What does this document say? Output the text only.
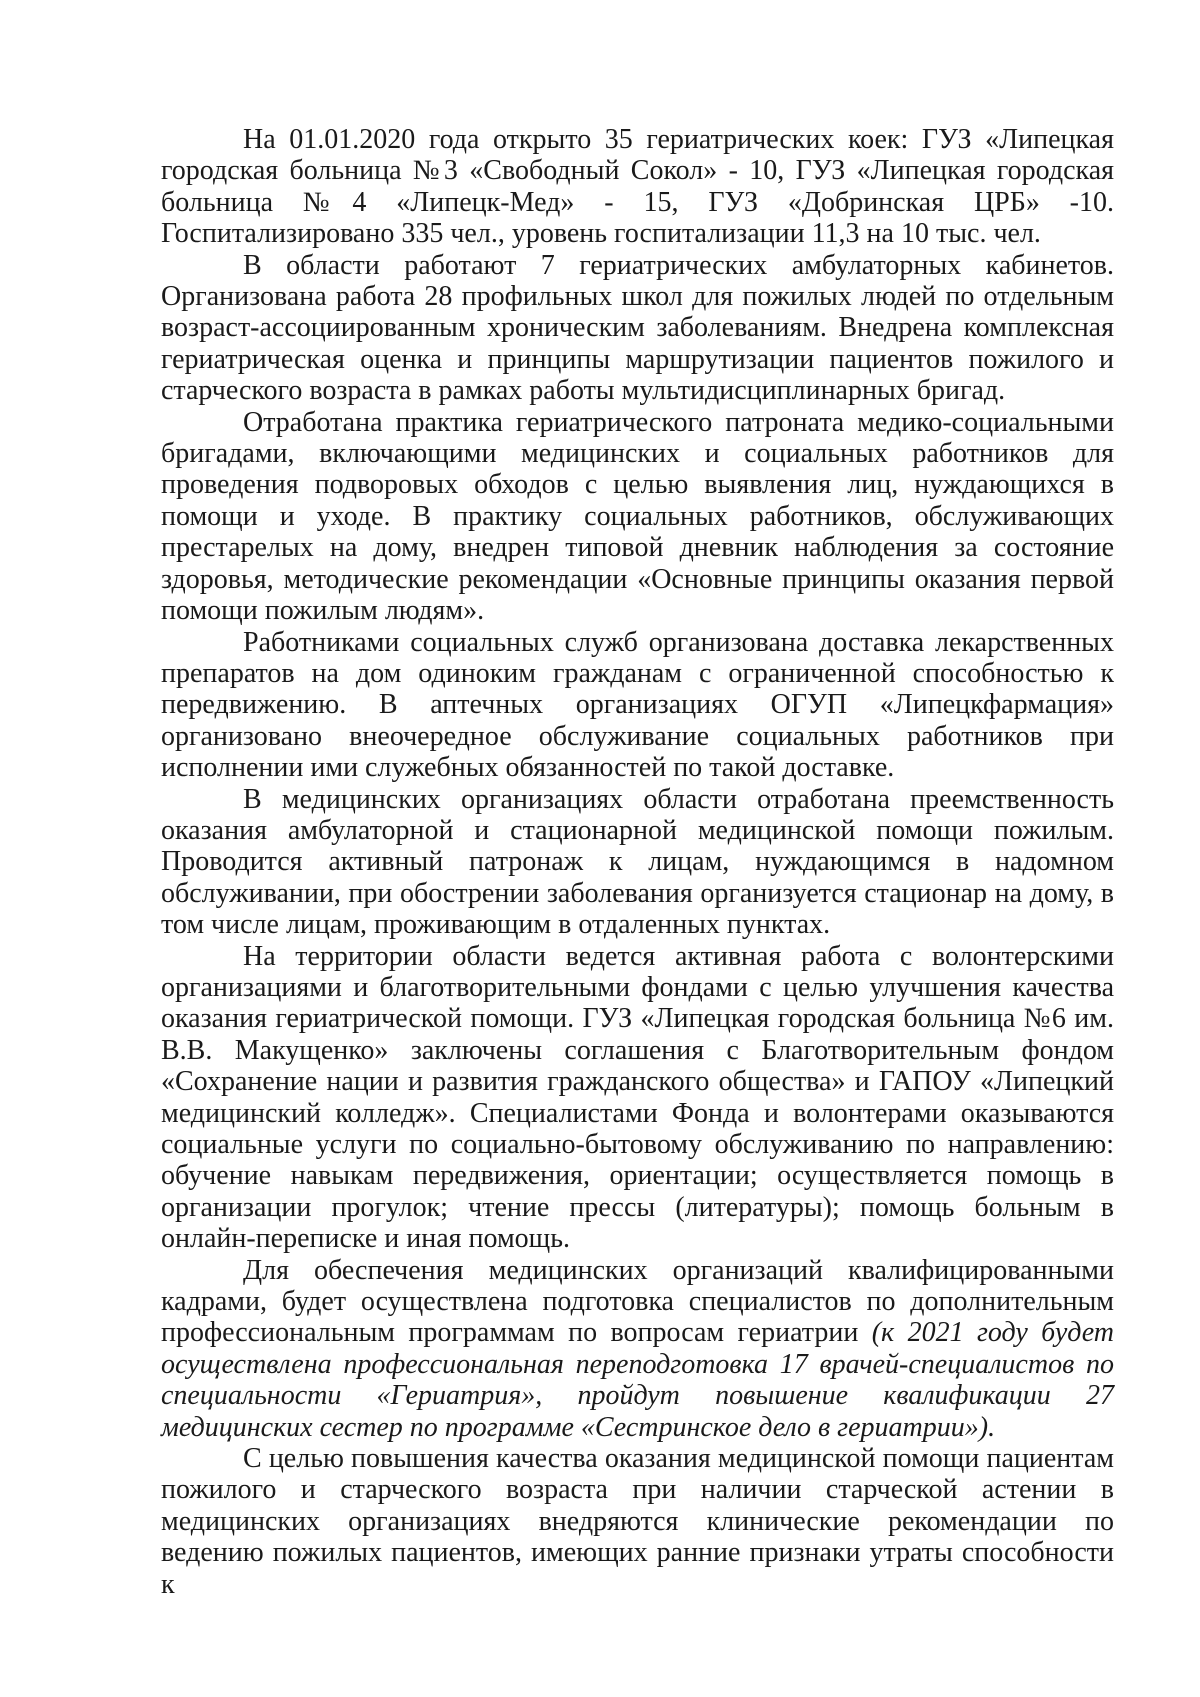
На 01.01.2020 года открыто 35 гериатрических коек: ГУЗ «Липецкая городская больница №3 «Свободный Сокол» - 10, ГУЗ «Липецкая городская больница №4 «Липецк-Мед» - 15, ГУЗ «Добринская ЦРБ» -10. Госпитализировано 335 чел., уровень госпитализации 11,3 на 10 тыс. чел.

В области работают 7 гериатрических амбулаторных кабинетов. Организована работа 28 профильных школ для пожилых людей по отдельным возраст-ассоциированным хроническим заболеваниям. Внедрена комплексная гериатрическая оценка и принципы маршрутизации пациентов пожилого и старческого возраста в рамках работы мультидисциплинарных бригад.

Отработана практика гериатрического патроната медико-социальными бригадами, включающими медицинских и социальных работников для проведения подворовых обходов с целью выявления лиц, нуждающихся в помощи и уходе. В практику социальных работников, обслуживающих престарелых на дому, внедрен типовой дневник наблюдения за состояние здоровья, методические рекомендации «Основные принципы оказания первой помощи пожилым людям».

Работниками социальных служб организована доставка лекарственных препаратов на дом одиноким гражданам с ограниченной способностью к передвижению. В аптечных организациях ОГУП «Липецкфармация» организовано внеочередное обслуживание социальных работников при исполнении ими служебных обязанностей по такой доставке.

В медицинских организациях области отработана преемственность оказания амбулаторной и стационарной медицинской помощи пожилым. Проводится активный патронаж к лицам, нуждающимся в надомном обслуживании, при обострении заболевания организуется стационар на дому, в том числе лицам, проживающим в отдаленных пунктах.

На территории области ведется активная работа с волонтерскими организациями и благотворительными фондами с целью улучшения качества оказания гериатрической помощи. ГУЗ «Липецкая городская больница №6 им. В.В. Макущенко» заключены соглашения с Благотворительным фондом «Сохранение нации и развития гражданского общества» и ГАПОУ «Липецкий медицинский колледж». Специалистами Фонда и волонтерами оказываются социальные услуги по социально-бытовому обслуживанию по направлению: обучение навыкам передвижения, ориентации; осуществляется помощь в организации прогулок; чтение прессы (литературы); помощь больным в онлайн-переписке и иная помощь.

Для обеспечения медицинских организаций квалифицированными кадрами, будет осуществлена подготовка специалистов по дополнительным профессиональным программам по вопросам гериатрии (к 2021 году будет осуществлена профессиональная переподготовка 17 врачей-специалистов по специальности «Гериатрия», пройдут повышение квалификации 27 медицинских сестер по программе «Сестринское дело в гериатрии»).

С целью повышения качества оказания медицинской помощи пациентам пожилого и старческого возраста при наличии старческой астении в медицинских организациях внедряются клинические рекомендации по ведению пожилых пациентов, имеющих ранние признаки утраты способности к
